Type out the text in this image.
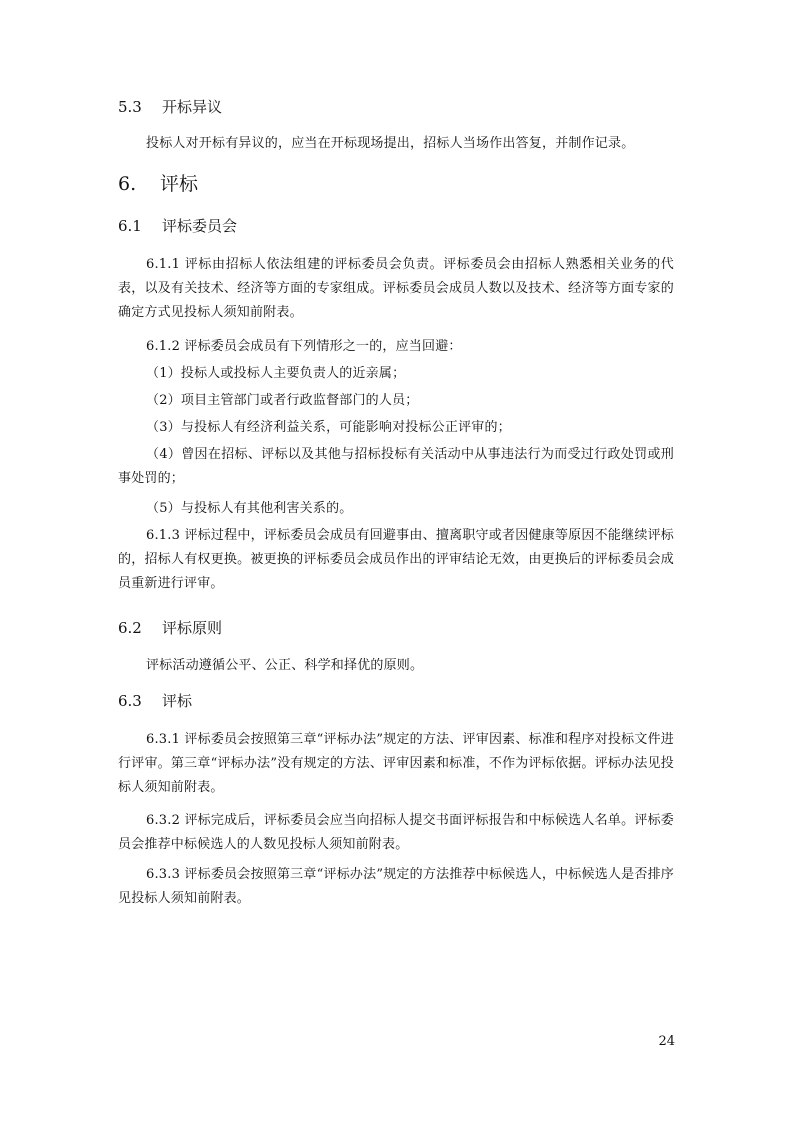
5.3 开标异议
投标人对开标有异议的，应当在开标现场提出，招标人当场作出答复，并制作记录。
6. 评标
6.1 评标委员会
6.1.1 评标由招标人依法组建的评标委员会负责。评标委员会由招标人熟悉相关业务的代表，以及有关技术、经济等方面的专家组成。评标委员会成员人数以及技术、经济等方面专家的确定方式见投标人须知前附表。
6.1.2 评标委员会成员有下列情形之一的，应当回避：
（1）投标人或投标人主要负责人的近亲属；
（2）项目主管部门或者行政监督部门的人员；
（3）与投标人有经济利益关系，可能影响对投标公正评审的；
（4）曾因在招标、评标以及其他与招标投标有关活动中从事违法行为而受过行政处罚或刑事处罚的；
（5）与投标人有其他利害关系的。
6.1.3 评标过程中，评标委员会成员有回避事由、擅离职守或者因健康等原因不能继续评标的，招标人有权更换。被更换的评标委员会成员作出的评审结论无效，由更换后的评标委员会成员重新进行评审。
6.2 评标原则
评标活动遵循公平、公正、科学和择优的原则。
6.3 评标
6.3.1 评标委员会按照第三章“评标办法”规定的方法、评审因素、标准和程序对投标文件进行评审。第三章“评标办法”没有规定的方法、评审因素和标准，不作为评标依据。评标办法见投标人须知前附表。
6.3.2 评标完成后，评标委员会应当向招标人提交书面评标报告和中标候选人名单。评标委员会推荐中标候选人的人数见投标人须知前附表。
6.3.3 评标委员会按照第三章“评标办法”规定的方法推荐中标候选人，中标候选人是否排序见投标人须知前附表。
24
